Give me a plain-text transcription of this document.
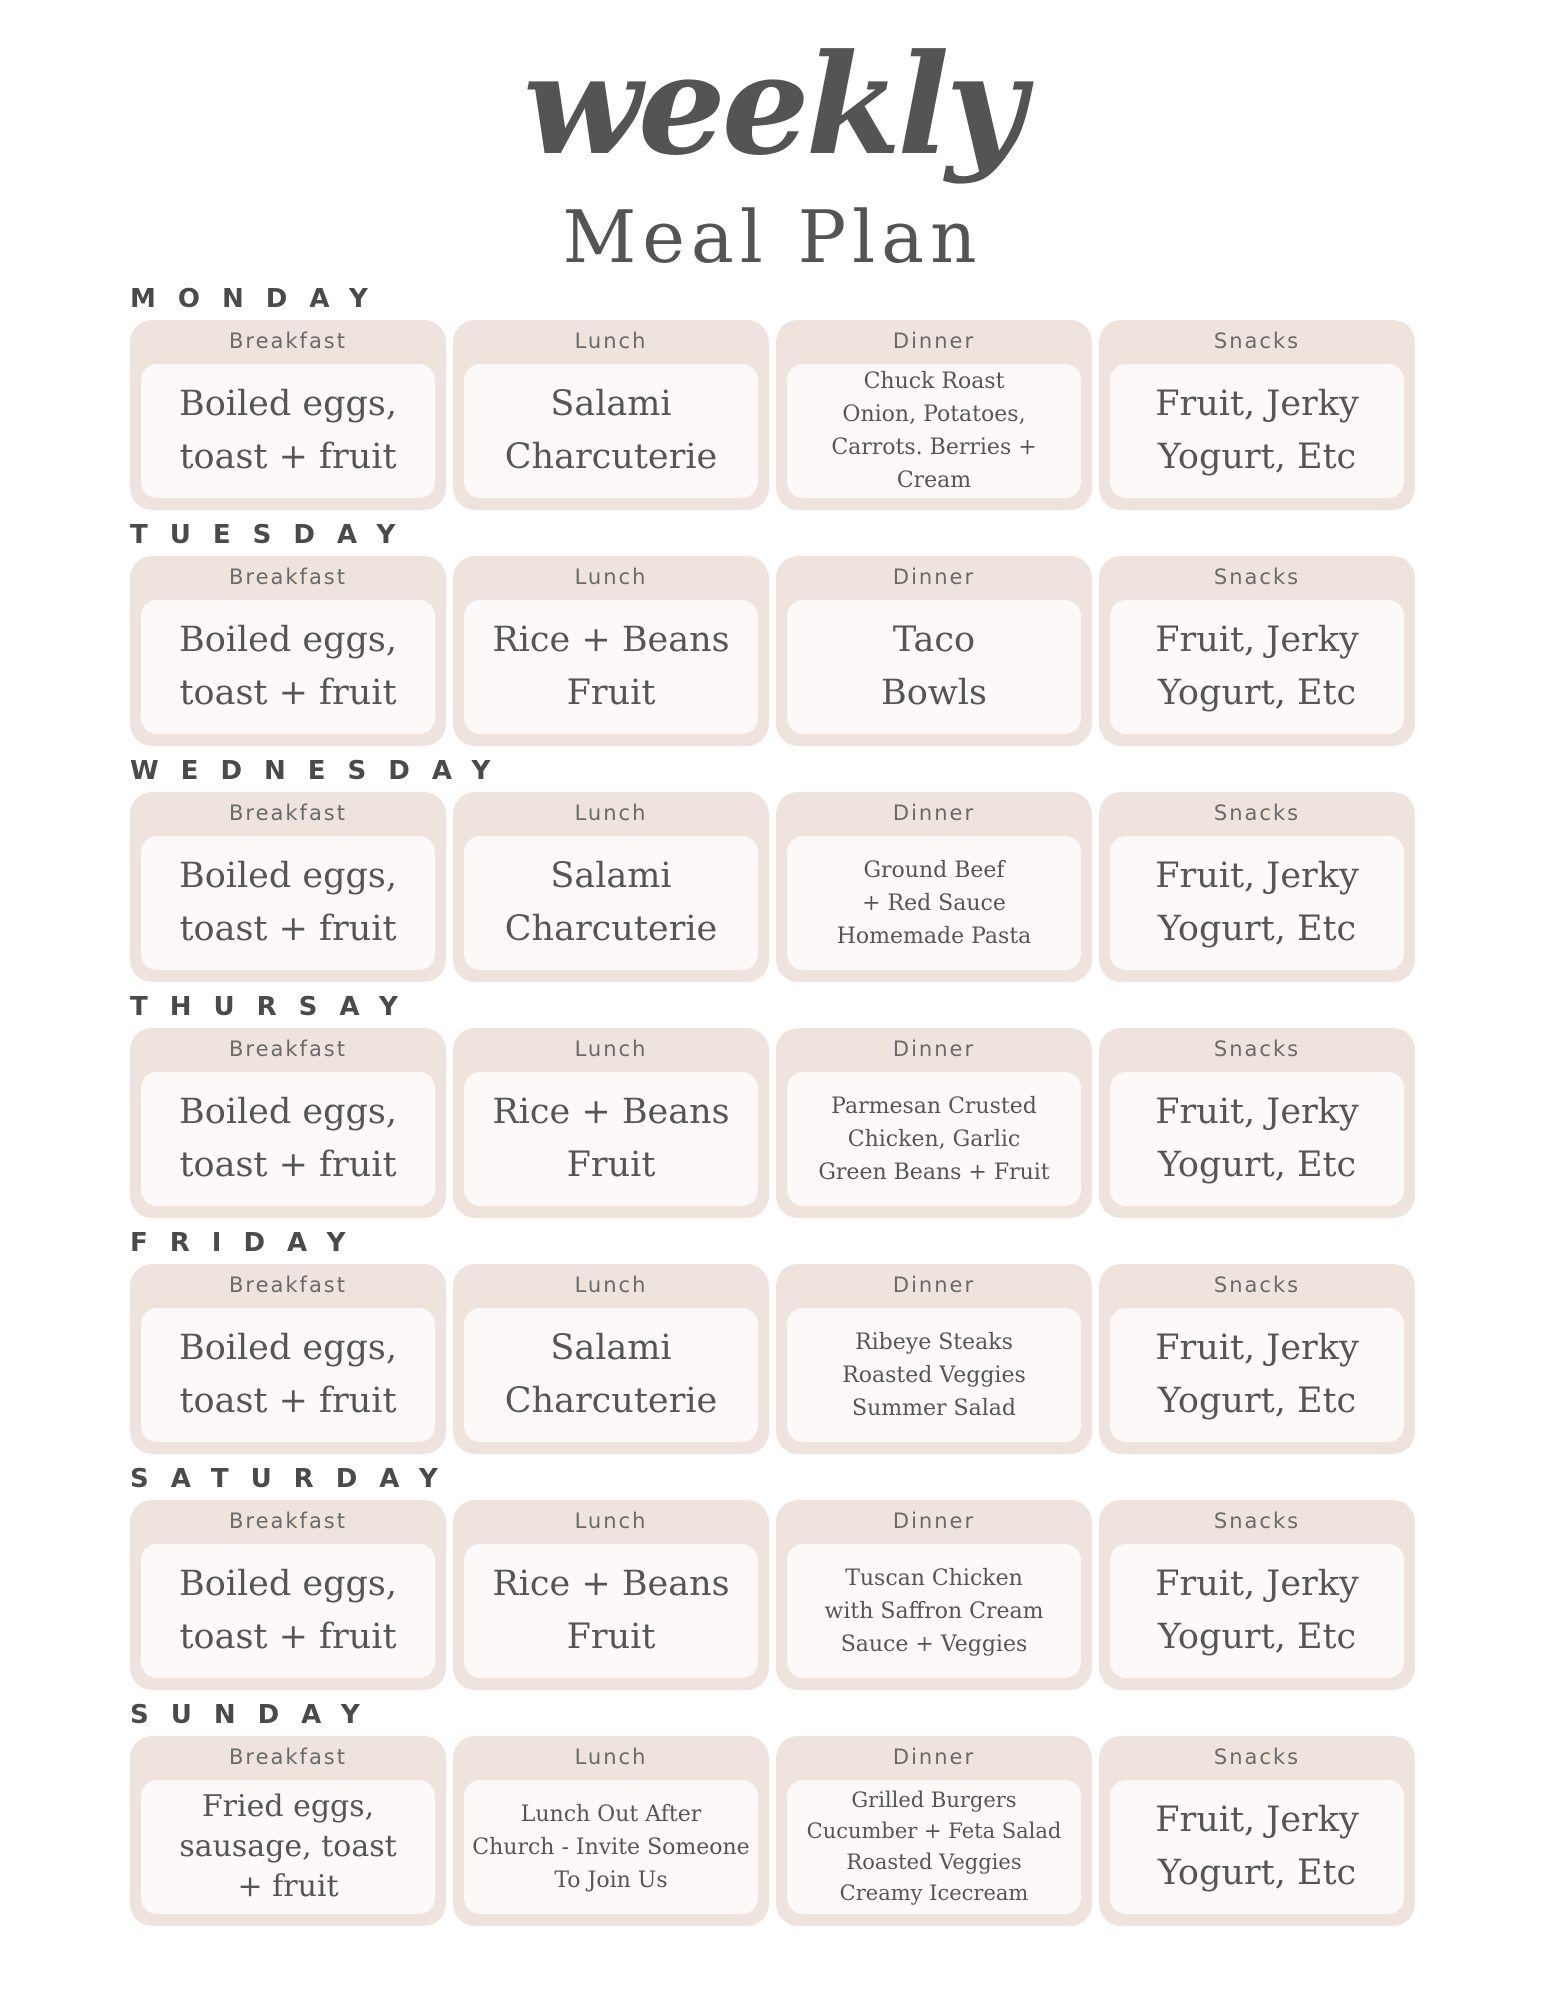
weekly
Meal Plan
MONDAY
Breakfast
Boiled eggs,
toast + fruit
Lunch
Salami
Charcuterie
Dinner
Chuck Roast
Onion, Potatoes,
Carrots. Berries + Cream
Snacks
Fruit, Jerky
Yogurt, Etc
TUESDAY
Breakfast
Boiled eggs,
toast + fruit
Lunch
Rice + Beans
Fruit
Dinner
Taco
Bowls
Snacks
Fruit, Jerky
Yogurt, Etc
WEDNESDAY
Breakfast
Boiled eggs,
toast + fruit
Lunch
Salami
Charcuterie
Dinner
Ground Beef
+ Red Sauce
Homemade Pasta
Snacks
Fruit, Jerky
Yogurt, Etc
THURSAY
Breakfast
Boiled eggs,
toast + fruit
Lunch
Rice + Beans
Fruit
Dinner
Parmesan Crusted
Chicken, Garlic
Green Beans + Fruit
Snacks
Fruit, Jerky
Yogurt, Etc
FRIDAY
Breakfast
Boiled eggs,
toast + fruit
Lunch
Salami
Charcuterie
Dinner
Ribeye Steaks
Roasted Veggies
Summer Salad
Snacks
Fruit, Jerky
Yogurt, Etc
SATURDAY
Breakfast
Boiled eggs,
toast + fruit
Lunch
Rice + Beans
Fruit
Dinner
Tuscan Chicken
with Saffron Cream
Sauce + Veggies
Snacks
Fruit, Jerky
Yogurt, Etc
SUNDAY
Breakfast
Fried eggs,
sausage, toast
+ fruit
Lunch
Lunch Out After
Church - Invite Someone
To Join Us
Dinner
Grilled Burgers
Cucumber + Feta Salad
Roasted Veggies
Creamy Icecream
Snacks
Fruit, Jerky
Yogurt, Etc
